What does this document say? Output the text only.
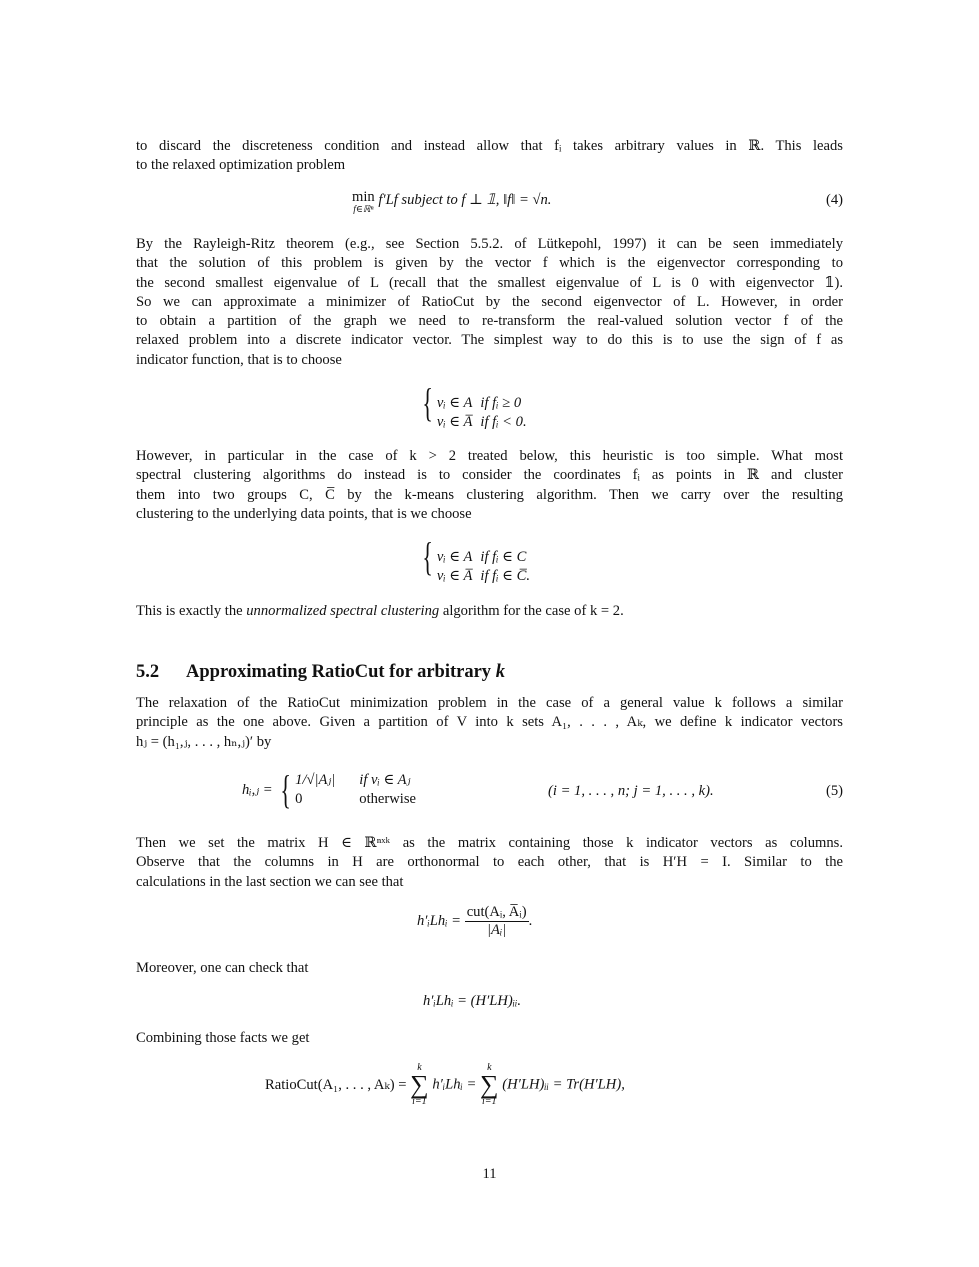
to discard the discreteness condition and instead allow that fᵢ takes arbitrary values in ℝ. This leads
to the relaxed optimization problem
min
f∈ℝⁿ
f′Lf subject to f ⊥ 𝟙, ‖f‖ = √n.	(4)
By the Rayleigh-Ritz theorem (e.g., see Section 5.5.2. of Lütkepohl, 1997) it can be seen immediately
that the solution of this problem is given by the vector f which is the eigenvector corresponding to
the second smallest eigenvalue of L (recall that the smallest eigenvalue of L is 0 with eigenvector 𝟙).
So we can approximate a minimizer of RatioCut by the second eigenvector of L. However, in order
to obtain a partition of the graph we need to re-transform the real-valued solution vector f of the
relaxed problem into a discrete indicator vector. The simplest way to do this is to use the sign of f as
indicator function, that is to choose
{ vᵢ ∈ A	if fᵢ ≥ 0
vᵢ ∈ A̅	if fᵢ < 0.
However, in particular in the case of k > 2 treated below, this heuristic is too simple. What most
spectral clustering algorithms do instead is to consider the coordinates fᵢ as points in ℝ and cluster
them into two groups C, C̅ by the k-means clustering algorithm. Then we carry over the resulting
clustering to the underlying data points, that is we choose
{ vᵢ ∈ A	if fᵢ ∈ C
vᵢ ∈ A̅	if fᵢ ∈ C̅.
This is exactly the unnormalized spectral clustering algorithm for the case of k = 2.
5.2 Approximating RatioCut for arbitrary k
The relaxation of the RatioCut minimization problem in the case of a general value k follows a similar
principle as the one above. Given a partition of V into k sets A₁, . . . , Aₖ, we define k indicator vectors
hⱼ = (h₁,ⱼ, . . . , hₙ,ⱼ)′ by
hᵢ,ⱼ = { 1/√|Aⱼ|	if vᵢ ∈ Aⱼ
0	otherwise	(i = 1, . . . , n; j = 1, . . . , k).	(5)
Then we set the matrix H ∈ ℝⁿˣᵏ as the matrix containing those k indicator vectors as columns.
Observe that the columns in H are orthonormal to each other, that is H′H = I. Similar to the
calculations in the last section we can see that
h′ᵢLhᵢ = $\frac{\text{cut(Aᵢ, A̅ᵢ)}}{\text{|Aᵢ|}}$ .
Moreover, one can check that
h′ᵢLhᵢ = (H′LH)ᵢᵢ.
Combining those facts we get
RatioCut(A₁, . . . , Aₖ) =
k
∑
i=1
h′ᵢLhᵢ =
k
∑
i=1
(H′LH)ᵢᵢ = Tr(H′LH),
11
